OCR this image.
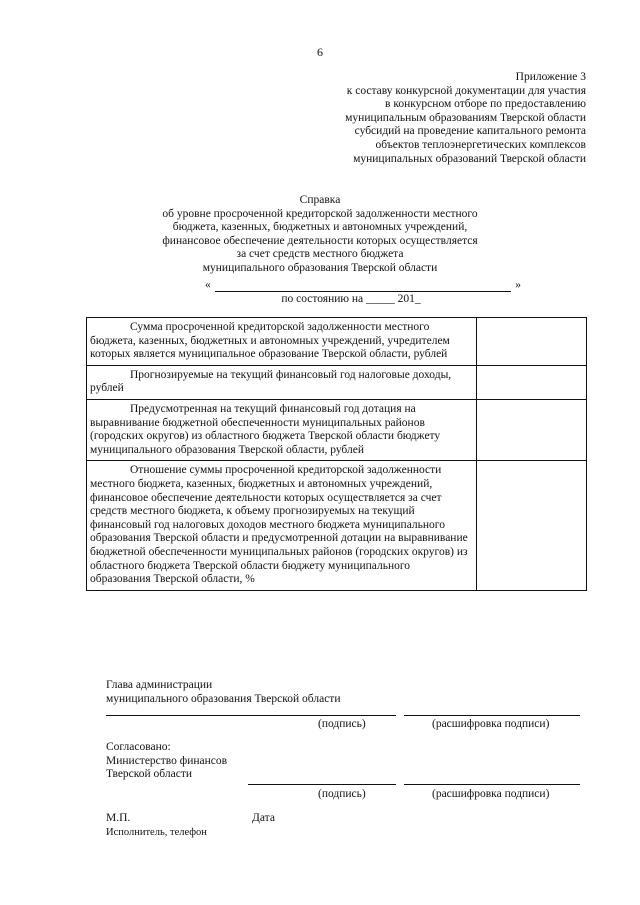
6
Приложение 3
к составу конкурсной документации для участия
в конкурсном отборе по предоставлению
муниципальным образованиям Тверской области
субсидий на проведение капитального ремонта
объектов теплоэнергетических комплексов
муниципальных образований Тверской области
Справка
об уровне просроченной кредиторской задолженности местного
бюджета, казенных, бюджетных и автономных учреждений,
финансовое обеспечение деятельности которых осуществляется
за счет средств местного бюджета
муниципального образования Тверской области
«	»
по состоянию на _____ 201_
Сумма просроченной кредиторской задолженности местного бюджета, казенных, бюджетных и автономных учреждений, учредителем которых является муниципальное образование Тверской области, рублей	
Прогнозируемые на текущий финансовый год налоговые доходы, рублей	
Предусмотренная на текущий финансовый год дотация на выравнивание бюджетной обеспеченности муниципальных районов (городских округов) из областного бюджета Тверской области бюджету муниципального образования Тверской области, рублей	
Отношение суммы просроченной кредиторской задолженности местного бюджета, казенных, бюджетных и автономных учреждений, финансовое обеспечение деятельности которых осуществляется за счет средств местного бюджета, к объему прогнозируемых на текущий финансовый год налоговых доходов местного бюджета муниципального образования Тверской области и предусмотренной дотации на выравнивание бюджетной обеспеченности муниципальных районов (городских округов) из областного бюджета Тверской области бюджету муниципального образования Тверской области, %	
Глава администрации
муниципального образования Тверской области
(подпись)	(расшифровка подписи)
Согласовано:
Министерство финансов
Тверской области
(подпись)	(расшифровка подписи)
М.П.	Дата
Исполнитель, телефон
